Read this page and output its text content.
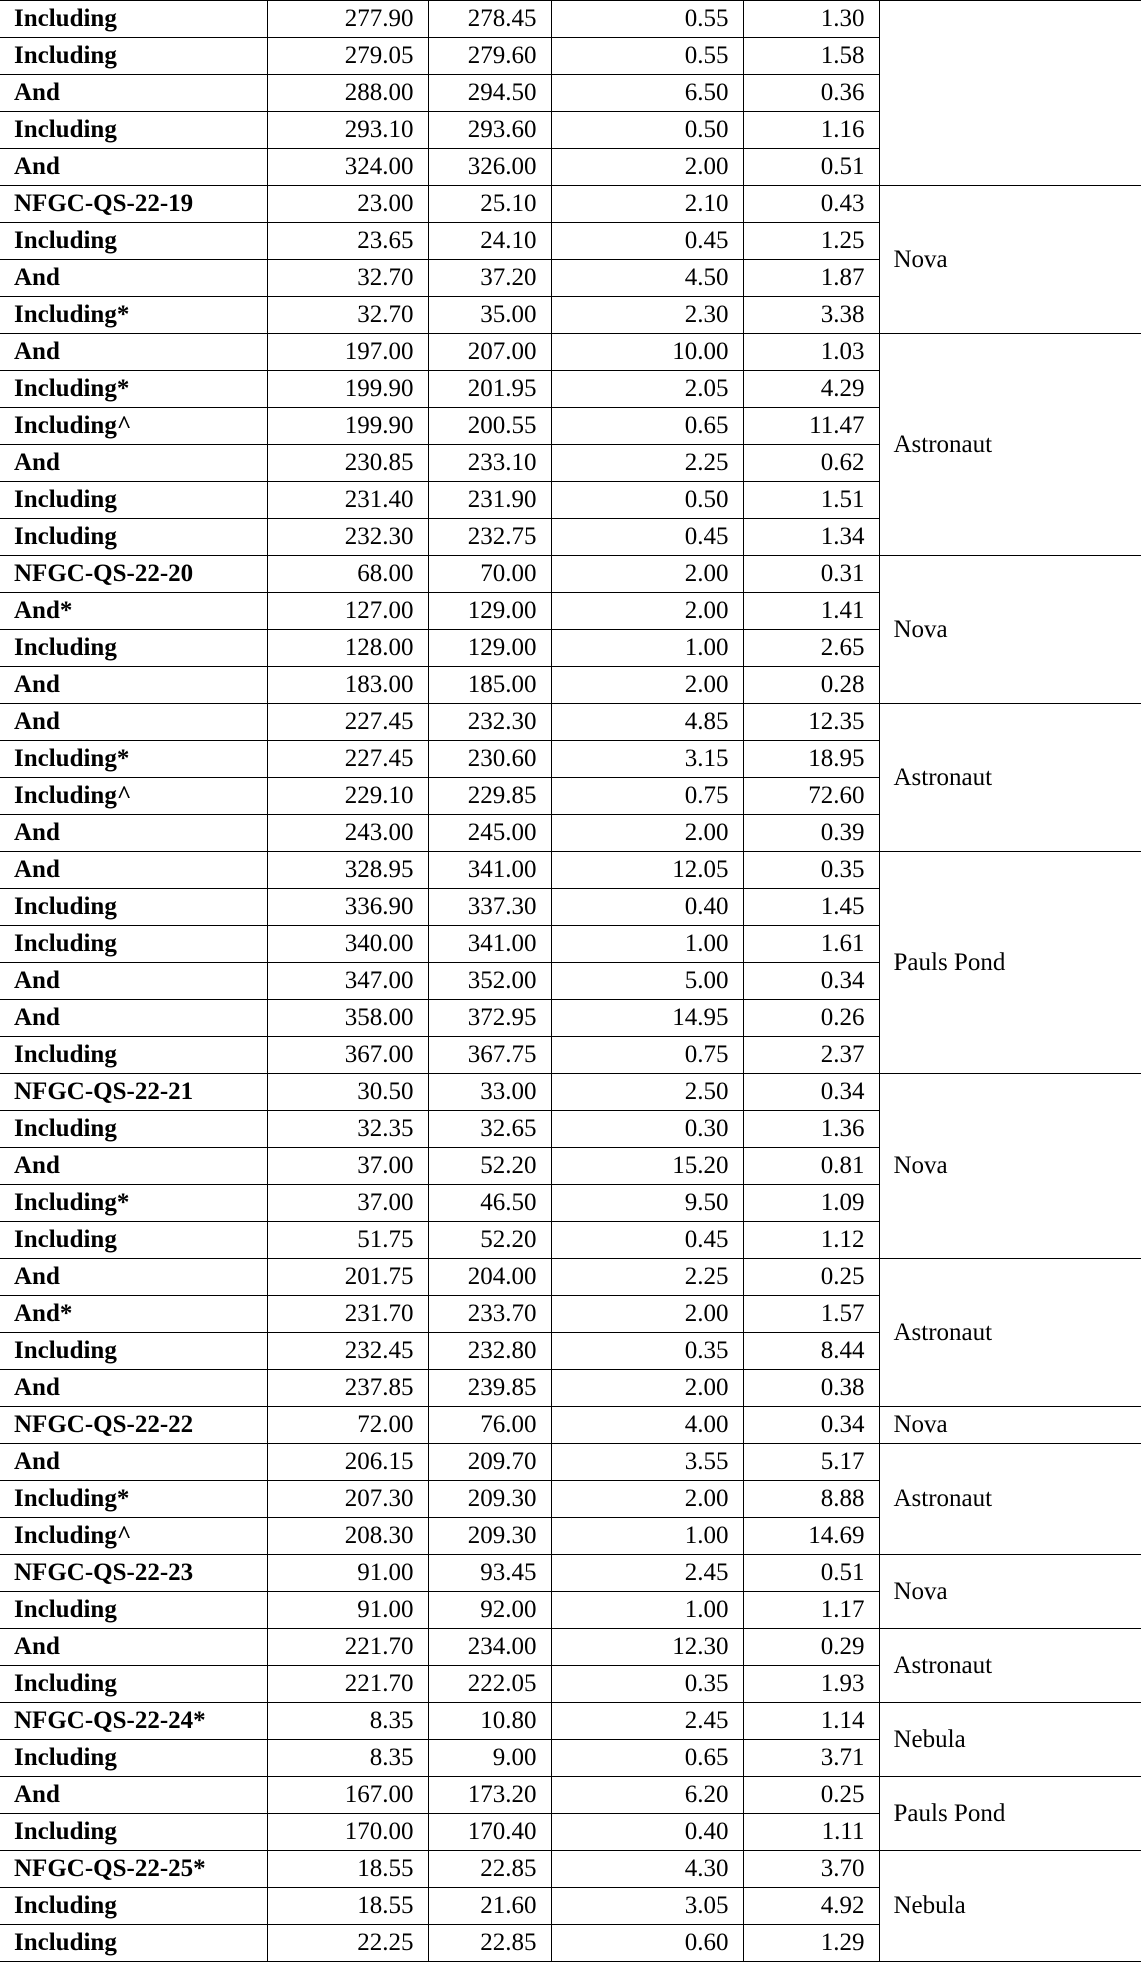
Including	277.90	278.45	0.55	1.30	
Including	279.05	279.60	0.55	1.58	
And	288.00	294.50	6.50	0.36	
Including	293.10	293.60	0.50	1.16	
And	324.00	326.00	2.00	0.51	
NFGC-QS-22-19	23.00	25.10	2.10	0.43	Nova
Including	23.65	24.10	0.45	1.25	
And	32.70	37.20	4.50	1.87	
Including*	32.70	35.00	2.30	3.38	
And	197.00	207.00	10.00	1.03	Astronaut
Including*	199.90	201.95	2.05	4.29	
Including^	199.90	200.55	0.65	11.47	
And	230.85	233.10	2.25	0.62	
Including	231.40	231.90	0.50	1.51	
Including	232.30	232.75	0.45	1.34	
NFGC-QS-22-20	68.00	70.00	2.00	0.31	Nova
And*	127.00	129.00	2.00	1.41	
Including	128.00	129.00	1.00	2.65	
And	183.00	185.00	2.00	0.28	
And	227.45	232.30	4.85	12.35	Astronaut
Including*	227.45	230.60	3.15	18.95	
Including^	229.10	229.85	0.75	72.60	
And	243.00	245.00	2.00	0.39	
And	328.95	341.00	12.05	0.35	Pauls Pond
Including	336.90	337.30	0.40	1.45	
Including	340.00	341.00	1.00	1.61	
And	347.00	352.00	5.00	0.34	
And	358.00	372.95	14.95	0.26	
Including	367.00	367.75	0.75	2.37	
NFGC-QS-22-21	30.50	33.00	2.50	0.34	Nova
Including	32.35	32.65	0.30	1.36	
And	37.00	52.20	15.20	0.81	
Including*	37.00	46.50	9.50	1.09	
Including	51.75	52.20	0.45	1.12	
And	201.75	204.00	2.25	0.25	Astronaut
And*	231.70	233.70	2.00	1.57	
Including	232.45	232.80	0.35	8.44	
And	237.85	239.85	2.00	0.38	
NFGC-QS-22-22	72.00	76.00	4.00	0.34	Nova
And	206.15	209.70	3.55	5.17	Astronaut
Including*	207.30	209.30	2.00	8.88	
Including^	208.30	209.30	1.00	14.69	
NFGC-QS-22-23	91.00	93.45	2.45	0.51	Nova
Including	91.00	92.00	1.00	1.17	
And	221.70	234.00	12.30	0.29	Astronaut
Including	221.70	222.05	0.35	1.93	
NFGC-QS-22-24*	8.35	10.80	2.45	1.14	Nebula
Including	8.35	9.00	0.65	3.71	
And	167.00	173.20	6.20	0.25	Pauls Pond
Including	170.00	170.40	0.40	1.11	
NFGC-QS-22-25*	18.55	22.85	4.30	3.70	Nebula
Including	18.55	21.60	3.05	4.92	
Including	22.25	22.85	0.60	1.29	
